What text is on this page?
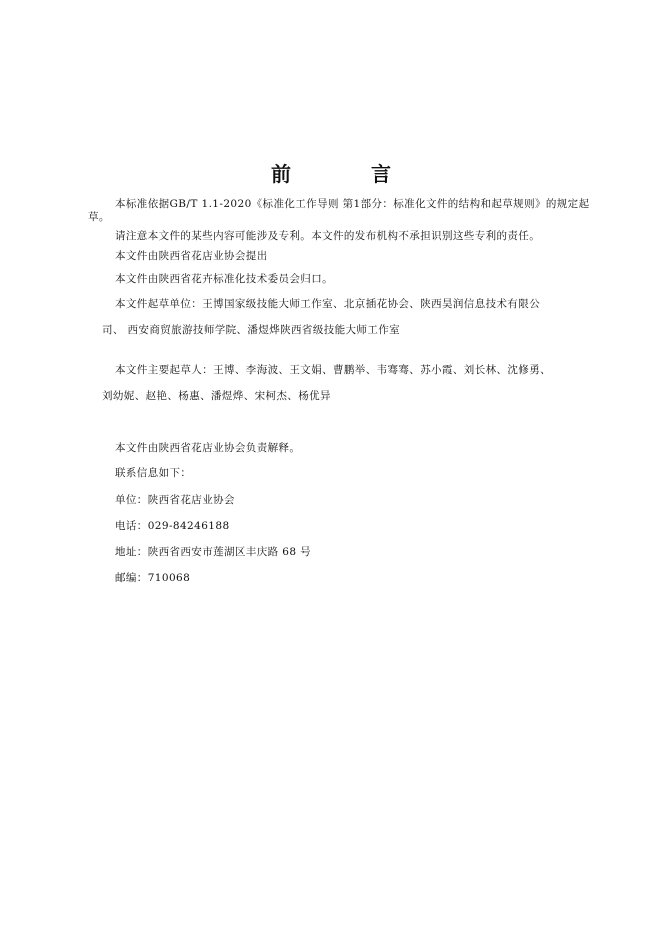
前　言
本标准依据GB/T 1.1-2020《标准化工作导则 第1部分：标准化文件的结构和起草规则》的规定起
草。
请注意本文件的某些内容可能涉及专利。本文件的发布机构不承担识别这些专利的责任。
本文件由陕西省花店业协会提出
本文件由陕西省花卉标准化技术委员会归口。
本文件起草单位：王博国家级技能大师工作室、北京插花协会、陕西昊润信息技术有限公
司、 西安商贸旅游技师学院、潘煜烨陕西省级技能大师工作室
本文件主要起草人：王博、李海波、王文娟、曹鹏举、韦骞骞、苏小霞、刘长林、沈修勇、
刘幼妮、赵艳、杨惠、潘煜烨、宋柯杰、杨优异
本文件由陕西省花店业协会负责解释。
联系信息如下：
单位：陕西省花店业协会
电话：029-84246188
地址：陕西省西安市莲湖区丰庆路 68 号
邮编：710068
